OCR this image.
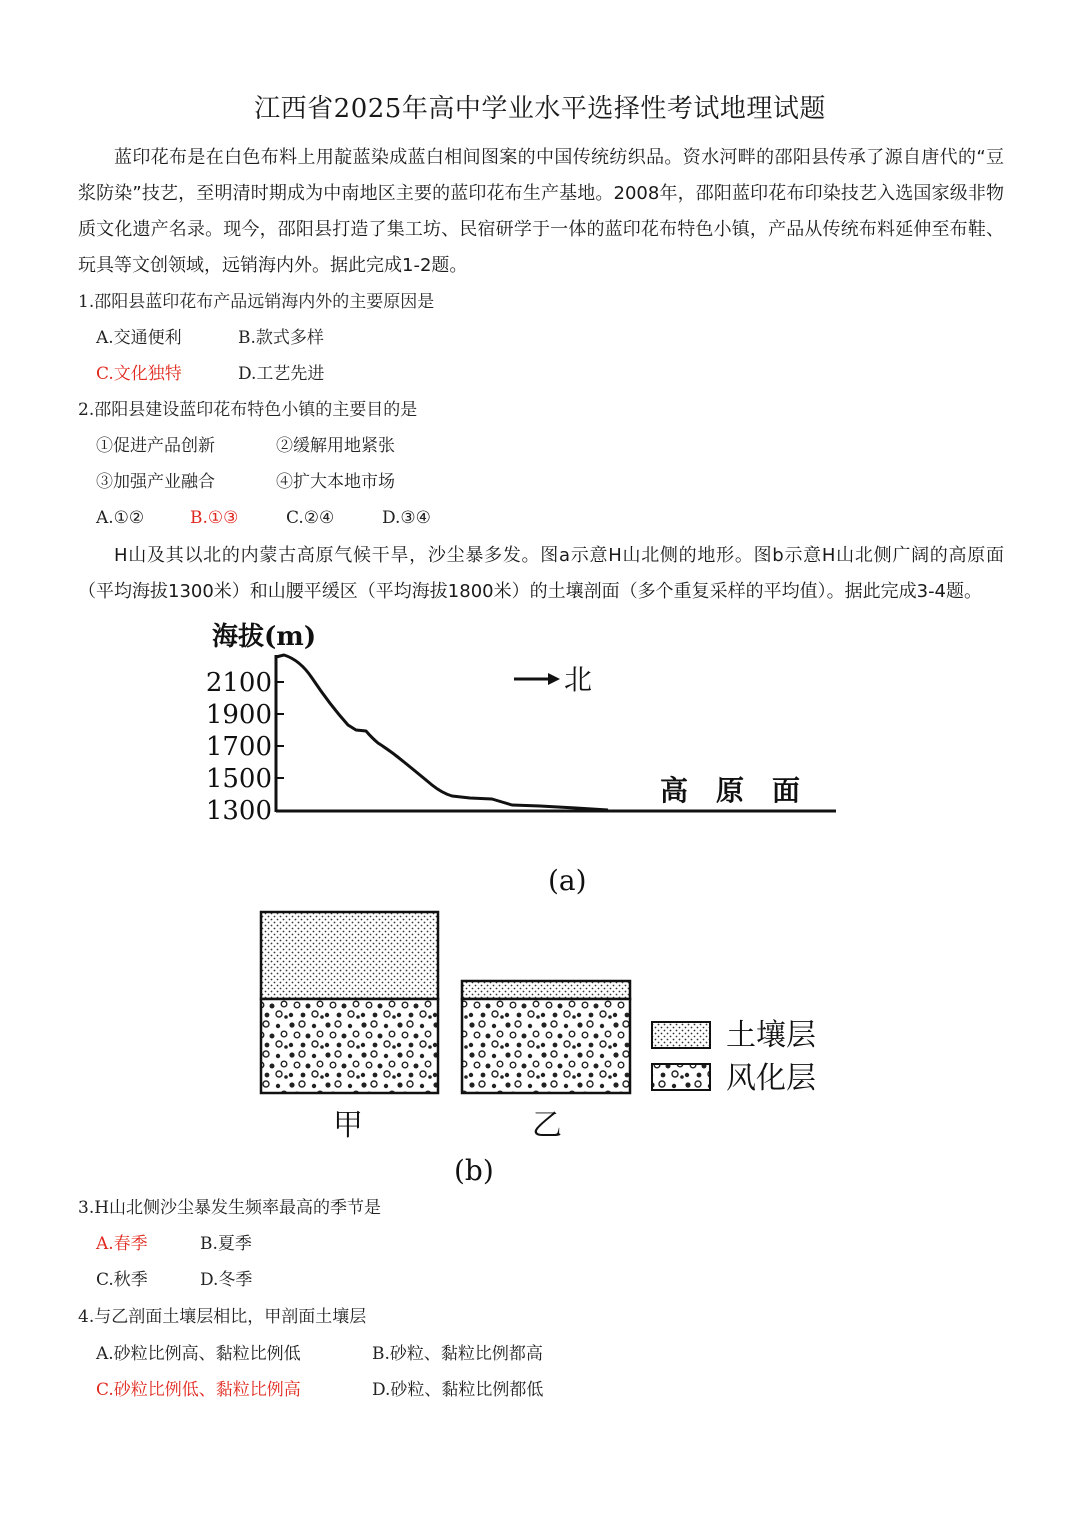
江西省2025年高中学业水平选择性考试地理试题
蓝印花布是在白色布料上用靛蓝染成蓝白相间图案的中国传统纺织品。资水河畔的邵阳县传承了源自唐代的“豆浆防染”技艺，至明清时期成为中南地区主要的蓝印花布生产基地。2008年，邵阳蓝印花布印染技艺入选国家级非物质文化遗产名录。现今，邵阳县打造了集工坊、民宿研学于一体的蓝印花布特色小镇，产品从传统布料延伸至布鞋、玩具等文创领域，远销海内外。据此完成1-2题。
1.邵阳县蓝印花布产品远销海内外的主要原因是
A.交通便利	B.款式多样
C.文化独特	D.工艺先进
2.邵阳县建设蓝印花布特色小镇的主要目的是
①促进产品创新	②缓解用地紧张
③加强产业融合	④扩大本地市场
A.①②	B.①③	C.②④	D.③④
H山及其以北的内蒙古高原气候干旱，沙尘暴多发。图a示意H山北侧的地形。图b示意H山北侧广阔的高原面（平均海拔1300米）和山腰平缓区（平均海拔1800米）的土壤剖面（多个重复采样的平均值）。据此完成3-4题。
海拔(m)
2100
1900
1700
1500
1300
北
高　原　面
(a)
甲	乙
土壤层
风化层
(b)
3.H山北侧沙尘暴发生频率最高的季节是
A.春季	B.夏季
C.秋季	D.冬季
4.与乙剖面土壤层相比，甲剖面土壤层
A.砂粒比例高、黏粒比例低	B.砂粒、黏粒比例都高
C.砂粒比例低、黏粒比例高	D.砂粒、黏粒比例都低
